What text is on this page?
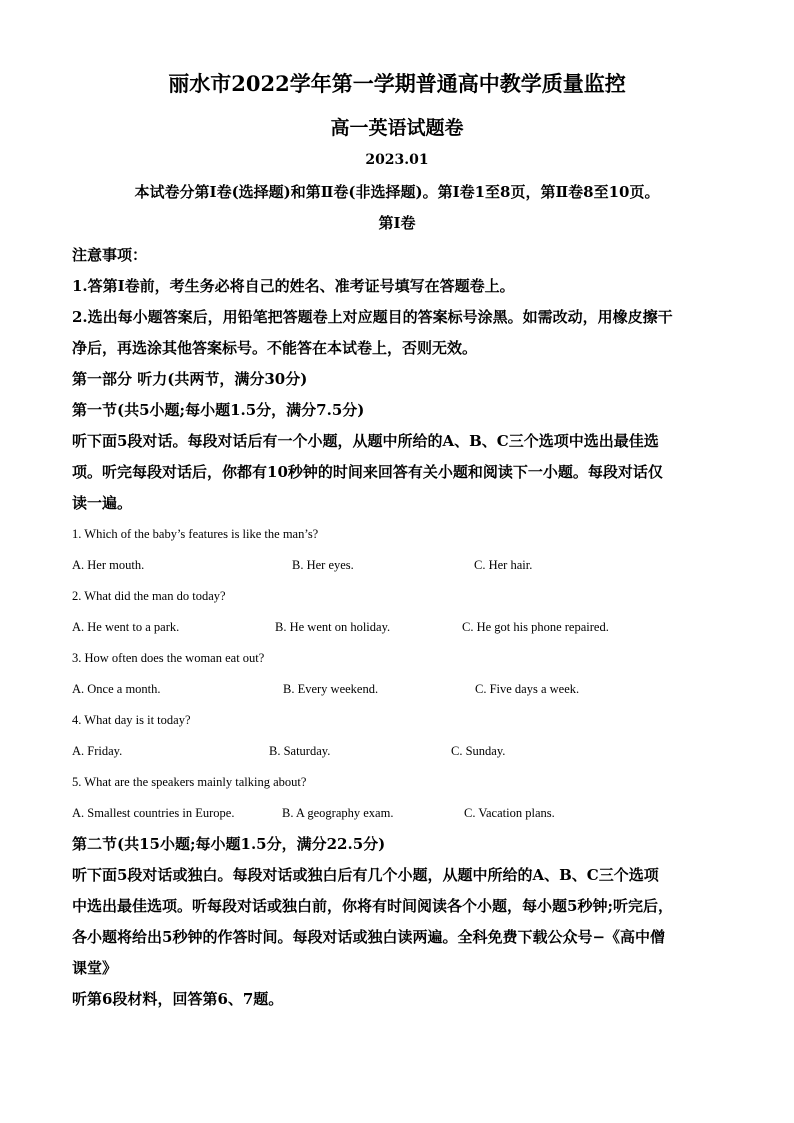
丽水市2022学年第一学期普通高中教学质量监控
高一英语试题卷
2023.01
本试卷分第Ⅰ卷(选择题)和第Ⅱ卷(非选择题)。第Ⅰ卷1至8页，第Ⅱ卷8至10页。
第Ⅰ卷

注意事项：

1.答第Ⅰ卷前，考生务必将自己的姓名、准考证号填写在答题卷上。

2.选出每小题答案后，用铅笔把答题卷上对应题目的答案标号涂黑。如需改动，用橡皮擦干

净后，再选涂其他答案标号。不能答在本试卷上，否则无效。

第一部分 听力(共两节，满分30分)

第一节(共5小题;每小题1.5分，满分7.5分)

听下面5段对话。每段对话后有一个小题，从题中所给的A、B、C三个选项中选出最佳选

项。听完每段对话后，你都有10秒钟的时间来回答有关小题和阅读下一小题。每段对话仅

读一遍。

1. Which of the baby’s features is like the man’s?

A. Her mouth.	B. Her eyes.	C. Her hair.

2. What did the man do today?

A. He went to a park.	B. He went on holiday.	C. He got his phone repaired.

3. How often does the woman eat out?

A. Once a month.	B. Every weekend.	C. Five days a week.

4. What day is it today?

A. Friday.	B. Saturday.	C. Sunday.

5. What are the speakers mainly talking about?

A. Smallest countries in Europe.	B. A geography exam.	C. Vacation plans.

第二节(共15小题;每小题1.5分，满分22.5分)

听下面5段对话或独白。每段对话或独白后有几个小题，从题中所给的A、B、C三个选项

中选出最佳选项。听每段对话或独白前，你将有时间阅读各个小题，每小题5秒钟;听完后，

各小题将给出5秒钟的作答时间。每段对话或独白读两遍。全科免费下载公众号−《高中僧

课堂》

听第6段材料，回答第6、7题。
